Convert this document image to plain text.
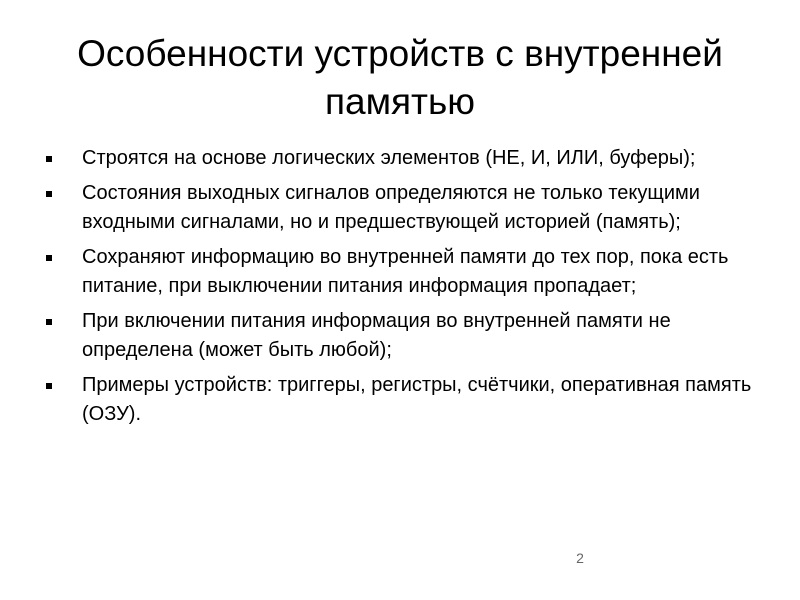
Особенности устройств с внутренней памятью
Строятся на основе логических элементов (НЕ, И, ИЛИ, буферы);
Состояния выходных сигналов определяются не только текущими входными сигналами, но и предшествующей историей (память);
Сохраняют информацию во внутренней памяти до тех пор, пока есть питание, при выключении питания информация пропадает;
При включении питания информация во внутренней памяти не определена (может быть любой);
Примеры устройств: триггеры, регистры, счётчики, оперативная память (ОЗУ).
2
